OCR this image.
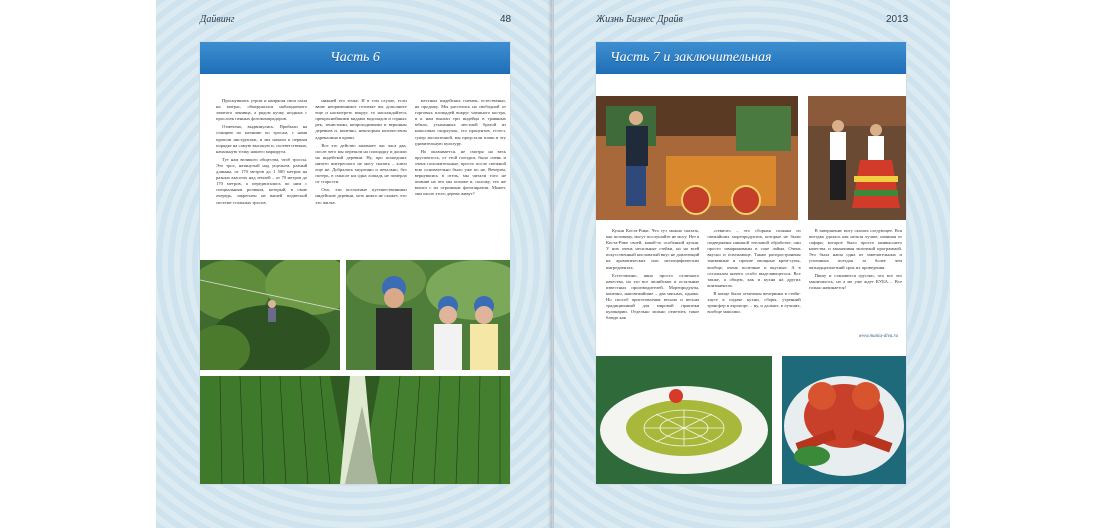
Дайвинг	48
Часть 6

Проснувшись утром и напрягая свои глаза на матрас, обнаружился наблюдаемого зачатого ленивца, а рядом кучку ягодных с прослоек пенных фотокомпрадоров.

Отмечено, выдвинулись. Прибыли на станцию по катанию по тросам, с нами прошли инструктаж, и мы начали к первым порядке на самую высокую и, соответственно, начальную точку нашего маршрута.

Тут нам великого общества, чтоб троссы. Это трос, натянутый над ущельем, разный длинны, от 170 метров до 1 500 метров на разных высотах над землей – от 70 метров до 170 метров, а передвигались по ним с специальным роликом, который, в свою очередь, закреплен на вашей подвесной системе стальных тросов.

нижней его точке. И в том случае, если ваше неприменимое готовьте вы дополните еще и насмотреть вокруг, то наслаждайтесь прекраснейшими видами водопадов и горных рек, тенистыми, непроходимыми и вершины деревьев и, конечно, некоторым количеством адреналина в крови.

Все это действо занимает час часа два, после чего мы перешли на площадку и дошли на индейской деревни. Ну, про пошедших ничего интересного не могу сказать – ключ еще не. Добрались медленно и печально, без потерь, в смысле ни одна лошадь не померла от старости.

Ооо, эти восхитные путешественники индейские деревни, хоть никто не скажет, что это жилье.

местных индейских племен, естественно, на продажу. Мы расселись на свободной от торговых площадей вокруг чаешного костра, и к нам вышли три индейца в травяных юбках, усыпанных местной брагой из кокосовых скорлупок, сто процентов, естест, супер экологичной, мы предстали плиш в эту удивительную культуру.

Но оказывается, не смотря на весь пруспектось, от этой поездки, было очень и очень положительные, просто после смежной всю основательно было уже по не. Вечером, вернувшись в отель, мы читали того не помнив на что мы похоже и, положу, тех же вошел с их огромным фотопиратом. Может, они около этого дерева живут?

Жизнь Бизнес Драйв	2013
Часть 7 и заключительная

Кухня Коста-Рики. Что тут можно сказать, как половину, могут послушайте не могу. Нет в Коста-Рике своей, какой-то особенной кухни. У них очень несильные стейки, но на всей искусственный кисловатый вкус не довлеющий на ароматических или неспецифических ингредиентах.

Естественно, явно просто отличного качества, но это все чилийские и остальные известных производителей. Морепродукты, конечно, наисвежайшие – два мясных, однако. Но способ приготовления весьма и весьма традиционный для мировой практики кулинарии. Отдельно можно отметить такое блюдо как

«севиче» – это сборная солянка из свежайших морепродуктов, которые не были подвержены никакой тепловой обработке, они просто замаринованы в соке лайма. Очень вкусно и освежающе. Также распространены тыквенные и прочие овощные крем-супы, вообще, очень полезные и вкусные. А в остальном ничего особо выделяющегося. Все также, а общем, как и кухня на других континентах.

В конце были отмечены вечеринка в стейк-хаусе в подаче кухни, сборы, утренний трансфер в аэропорт… ну, и дальше, в лучших, вообще максимо.

В завершение могу сказать следующее. Вся поездка удалась как нельзя лучше, начиная от сафари, которое было просто наивысшего качества, и заканчивая экзотикой программой. Это была наша одна из замечательных и успешных поездок за более чем пятнадцатилетний срок их проведения.

Пишу и становится грустно, что все это закончилось, но а ме уже ждет КУБА… Все только начинается!

www.mania-diva.ru
